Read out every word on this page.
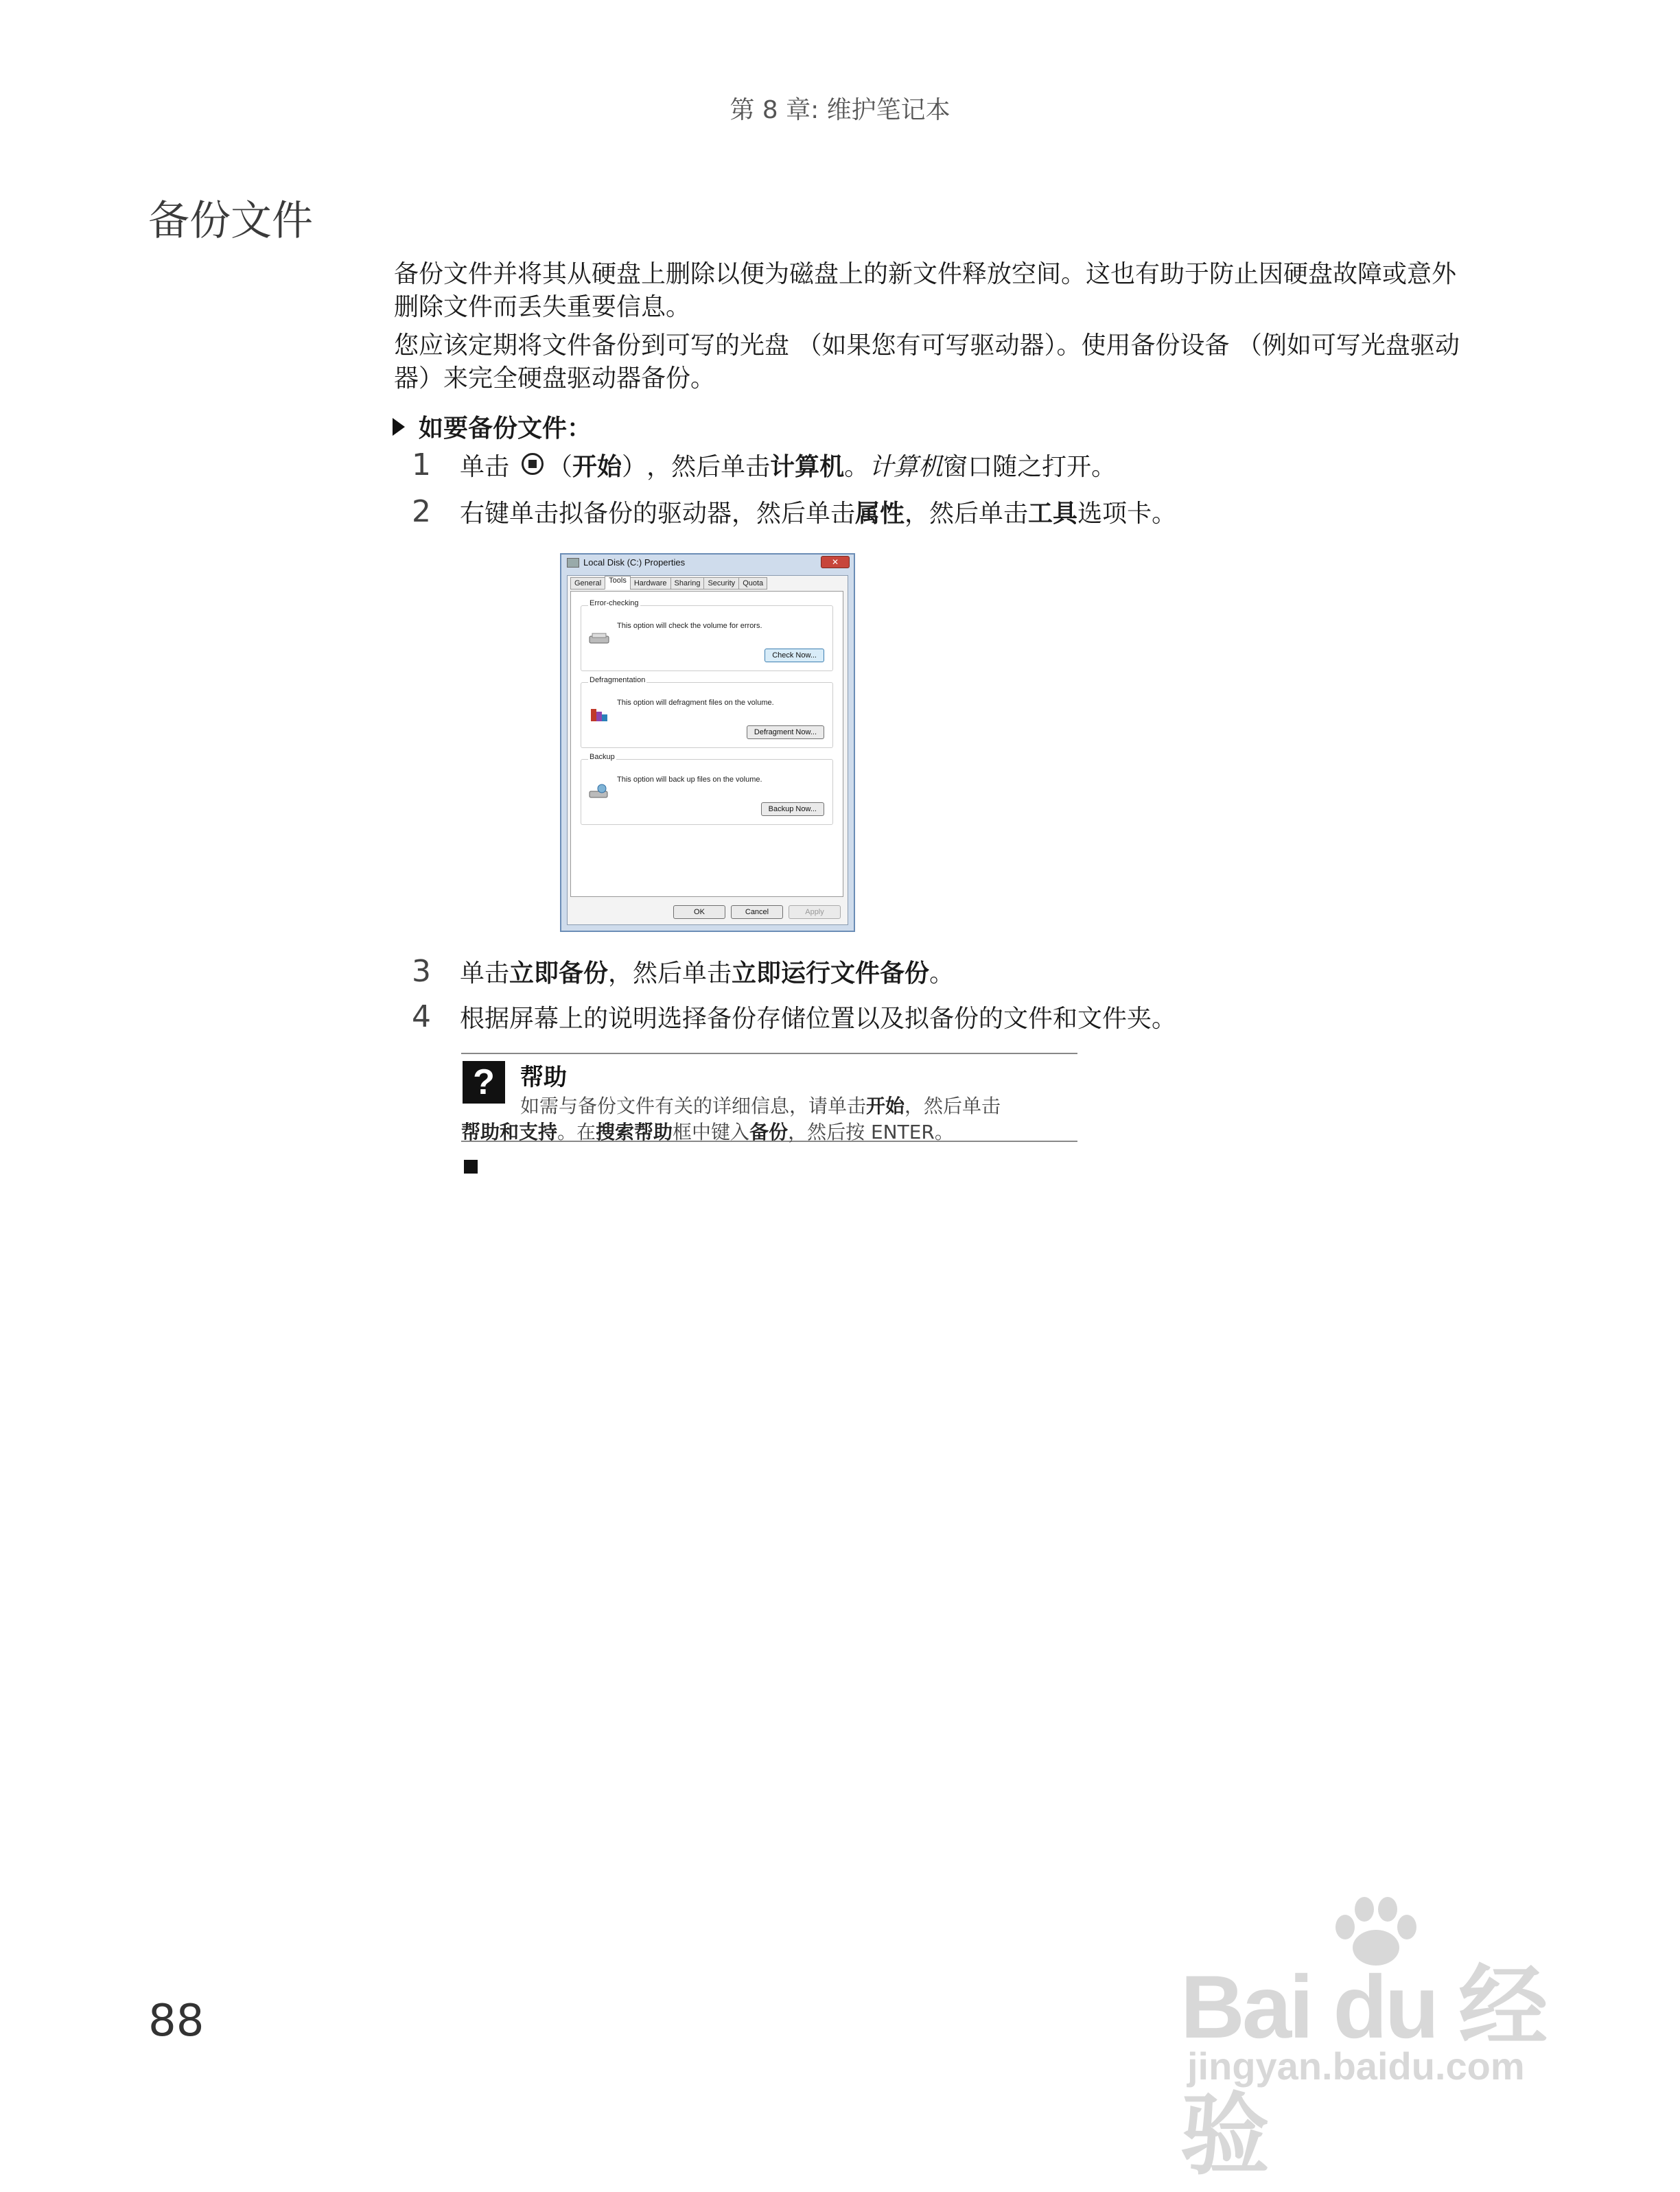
第 8 章: 维护笔记本
备份文件
备份文件并将其从硬盘上删除以便为磁盘上的新文件释放空间。这也有助于防止因硬盘故障或意外删除文件而丢失重要信息。
您应该定期将文件备份到可写的光盘 （如果您有可写驱动器）。使用备份设备 （例如可写光盘驱动器）来完全硬盘驱动器备份。
如要备份文件：
1	单击 （ 开始 ） ，然后单击 计算机 。 计算机 窗口随之打开。
2	右键单击拟备份的驱动器，然后单击 属性 ，然后单击 工具 选项卡。
Local Disk (C:) Properties	✕
General	Tools	Hardware	Sharing	Security	Quota
Error-checking
This option will check the volume for errors.
Check Now...
Defragmentation
This option will defragment files on the volume.
Defragment Now...
Backup
This option will back up files on the volume.
Backup Now...
OK	Cancel	Apply
3	单击 立即备份 ，然后单击 立即运行文件备份 。
4	根据屏幕上的说明选择备份存储位置以及拟备份的文件和文件夹。
?	帮助
如需与备份文件有关的详细信息，请单击开始，然后单击
帮助和支持。在搜索帮助框中键入备份，然后按 ENTER。
88	Bai du 经验
jingyan.baidu.com
